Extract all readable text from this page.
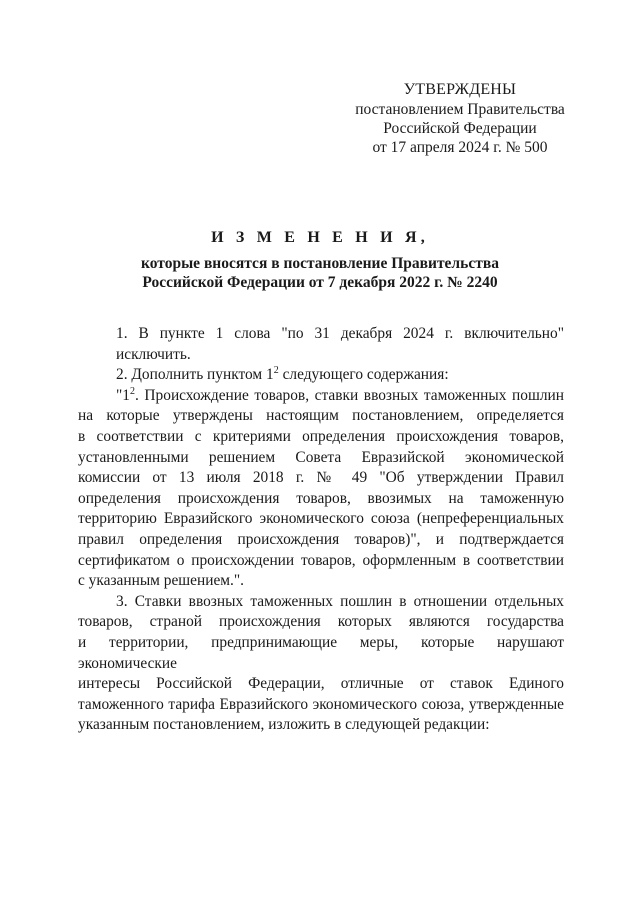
УТВЕРЖДЕНЫ
постановлением Правительства
Российской Федерации
от 17 апреля 2024 г. № 500
И З М Е Н Е Н И Я,
которые вносятся в постановление Правительства
Российской Федерации от 7 декабря 2022 г. № 2240
1. В пункте 1 слова "по 31 декабря 2024 г. включительно" исключить.
2. Дополнить пунктом $1^2$ следующего содержания:
"$1^2$. Происхождение товаров, ставки ввозных таможенных пошлин
на которые утверждены настоящим постановлением, определяется
в соответствии с критериями определения происхождения товаров,
установленными решением Совета Евразийской экономической
комиссии от 13 июля 2018 г. № 49 "Об утверждении Правил
определения происхождения товаров, ввозимых на таможенную
территорию Евразийского экономического союза (непреференциальных
правил определения происхождения товаров)", и подтверждается
сертификатом о происхождении товаров, оформленным в соответствии
с указанным решением.".
3. Ставки ввозных таможенных пошлин в отношении отдельных
товаров, страной происхождения которых являются государства
и территории, предпринимающие меры, которые нарушают экономические
интересы Российской Федерации, отличные от ставок Единого
таможенного тарифа Евразийского экономического союза, утвержденные
указанным постановлением, изложить в следующей редакции:
